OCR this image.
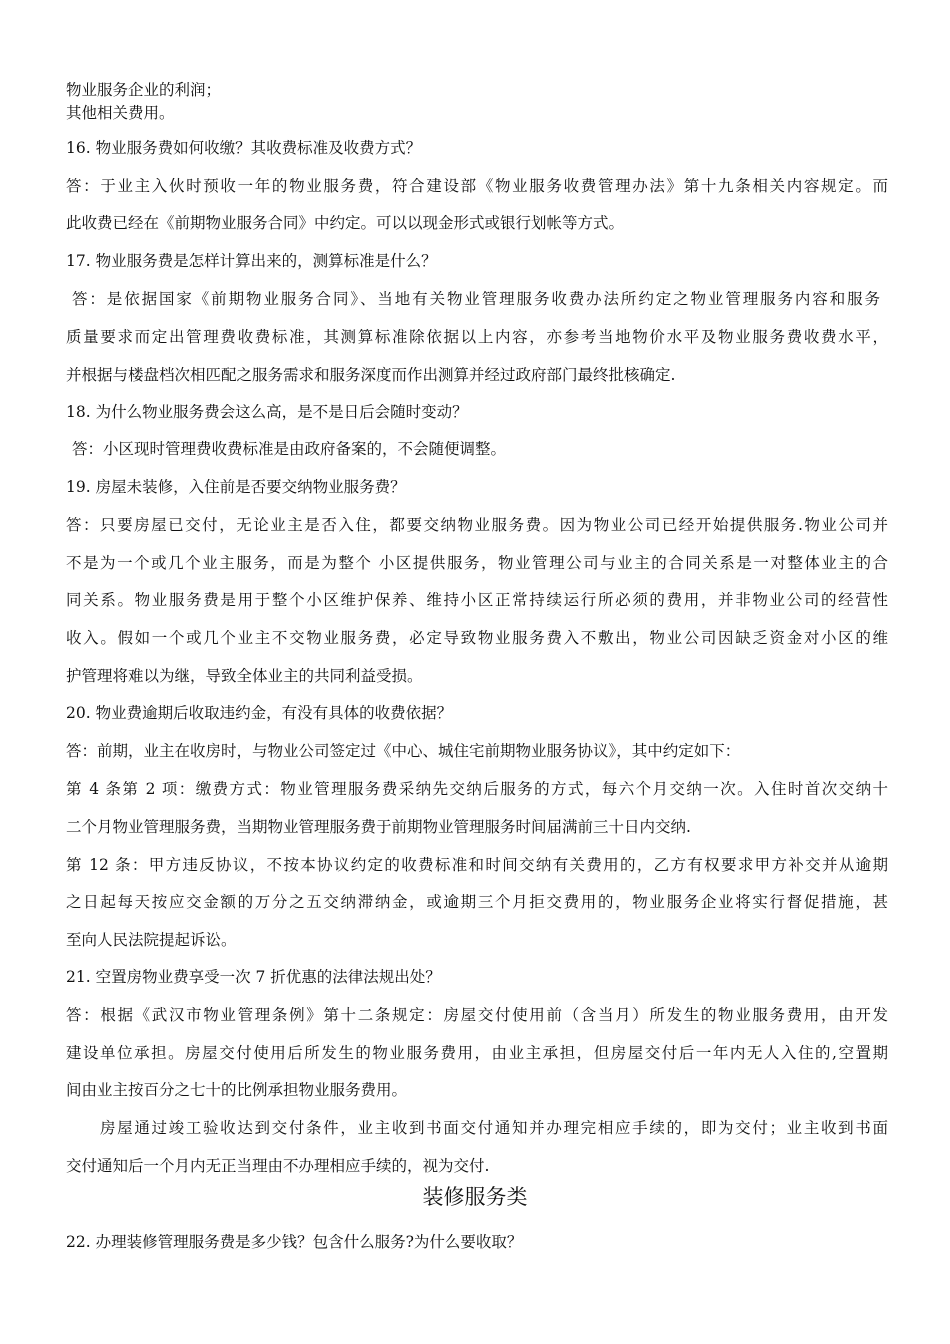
物业服务企业的利润；
其他相关费用。
16. 物业服务费如何收缴？其收费标准及收费方式？
答：于业主入伙时预收一年的物业服务费，符合建设部《物业服务收费管理办法》第十九条相关内容规定。而
此收费已经在《前期物业服务合同》中约定。可以以现金形式或银行划帐等方式。
17. 物业服务费是怎样计算出来的，测算标准是什么？
答：是依据国家《前期物业服务合同》、当地有关物业管理服务收费办法所约定之物业管理服务内容和服务
质量要求而定出管理费收费标准，其测算标准除依据以上内容，亦参考当地物价水平及物业服务费收费水平，
并根据与楼盘档次相匹配之服务需求和服务深度而作出测算并经过政府部门最终批核确定.
18. 为什么物业服务费会这么高，是不是日后会随时变动？
答：小区现时管理费收费标准是由政府备案的，不会随便调整。
19. 房屋未装修，入住前是否要交纳物业服务费？
答：只要房屋已交付，无论业主是否入住，都要交纳物业服务费。因为物业公司已经开始提供服务.物业公司并
不是为一个或几个业主服务，而是为整个 小区提供服务，物业管理公司与业主的合同关系是一对整体业主的合
同关系。物业服务费是用于整个小区维护保养、维持小区正常持续运行所必须的费用，并非物业公司的经营性
收入。假如一个或几个业主不交物业服务费，必定导致物业服务费入不敷出，物业公司因缺乏资金对小区的维
护管理将难以为继，导致全体业主的共同利益受损。
20. 物业费逾期后收取违约金，有没有具体的收费依据？
答：前期，业主在收房时，与物业公司签定过《中心、城住宅前期物业服务协议》，其中约定如下：
第 4 条第 2 项：缴费方式：物业管理服务费采纳先交纳后服务的方式，每六个月交纳一次。入住时首次交纳十
二个月物业管理服务费，当期物业管理服务费于前期物业管理服务时间届满前三十日内交纳.
第 12 条：甲方违反协议，不按本协议约定的收费标准和时间交纳有关费用的，乙方有权要求甲方补交并从逾期
之日起每天按应交金额的万分之五交纳滞纳金，或逾期三个月拒交费用的，物业服务企业将实行督促措施，甚
至向人民法院提起诉讼。
21. 空置房物业费享受一次 7 折优惠的法律法规出处？
答：根据《武汉市物业管理条例》第十二条规定：房屋交付使用前（含当月）所发生的物业服务费用，由开发
建设单位承担。房屋交付使用后所发生的物业服务费用，由业主承担，但房屋交付后一年内无人入住的,空置期
间由业主按百分之七十的比例承担物业服务费用。
房屋通过竣工验收达到交付条件，业主收到书面交付通知并办理完相应手续的，即为交付；业主收到书面
交付通知后一个月内无正当理由不办理相应手续的，视为交付.
装修服务类
22. 办理装修管理服务费是多少钱？包含什么服务?为什么要收取？
